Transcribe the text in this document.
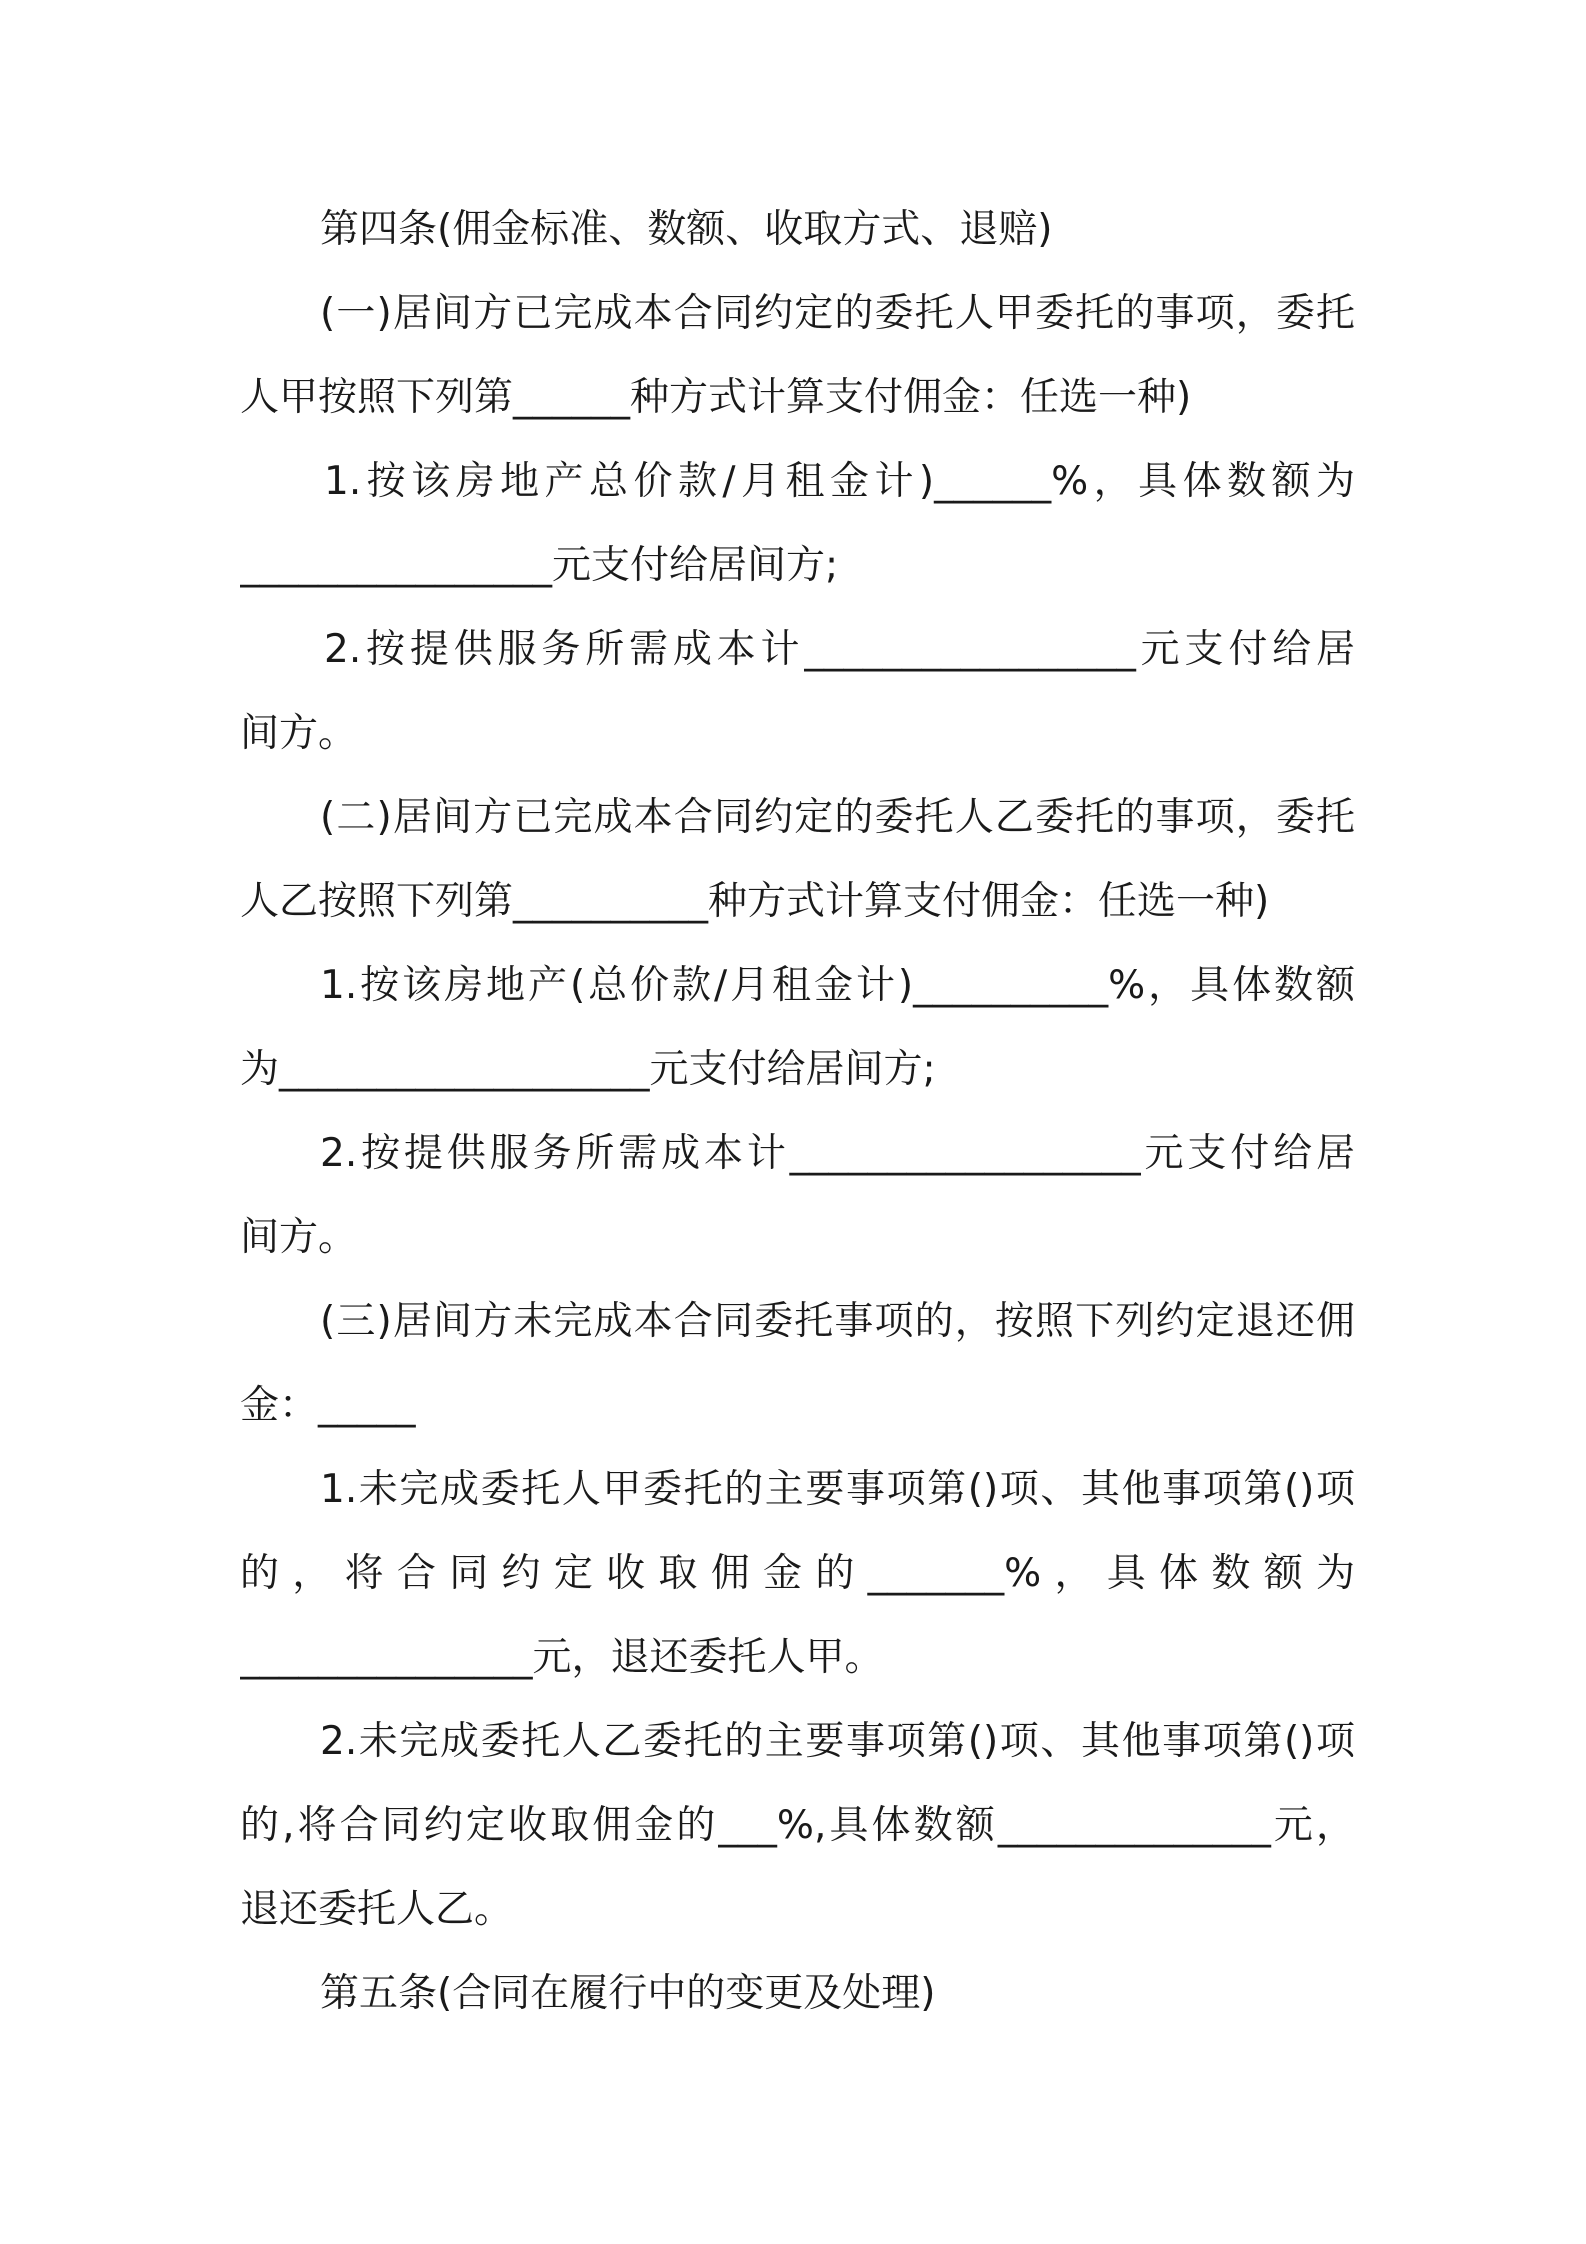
第四条(佣金标准、数额、收取方式、退赔)
(一)居间方已完成本合同约定的委托人甲委托的事项，委托
人甲按照下列第______种方式计算支付佣金：任选一种)
1.按该房地产总价款/月租金计)______%，具体数额为
________________元支付给居间方;
2.按提供服务所需成本计_________________元支付给居
间方。
(二)居间方已完成本合同约定的委托人乙委托的事项，委托
人乙按照下列第__________种方式计算支付佣金：任选一种)
1.按该房地产(总价款/月租金计)__________%，具体数额
为___________________元支付给居间方;
2.按提供服务所需成本计__________________元支付给居
间方。
(三)居间方未完成本合同委托事项的，按照下列约定退还佣
金：_____
1.未完成委托人甲委托的主要事项第()项、其他事项第()项
的，将合同约定收取佣金的_______%，具体数额为
_______________元，退还委托人甲。
2.未完成委托人乙委托的主要事项第()项、其他事项第()项
的,将合同约定收取佣金的___%,具体数额______________元，
退还委托人乙。
第五条(合同在履行中的变更及处理)
